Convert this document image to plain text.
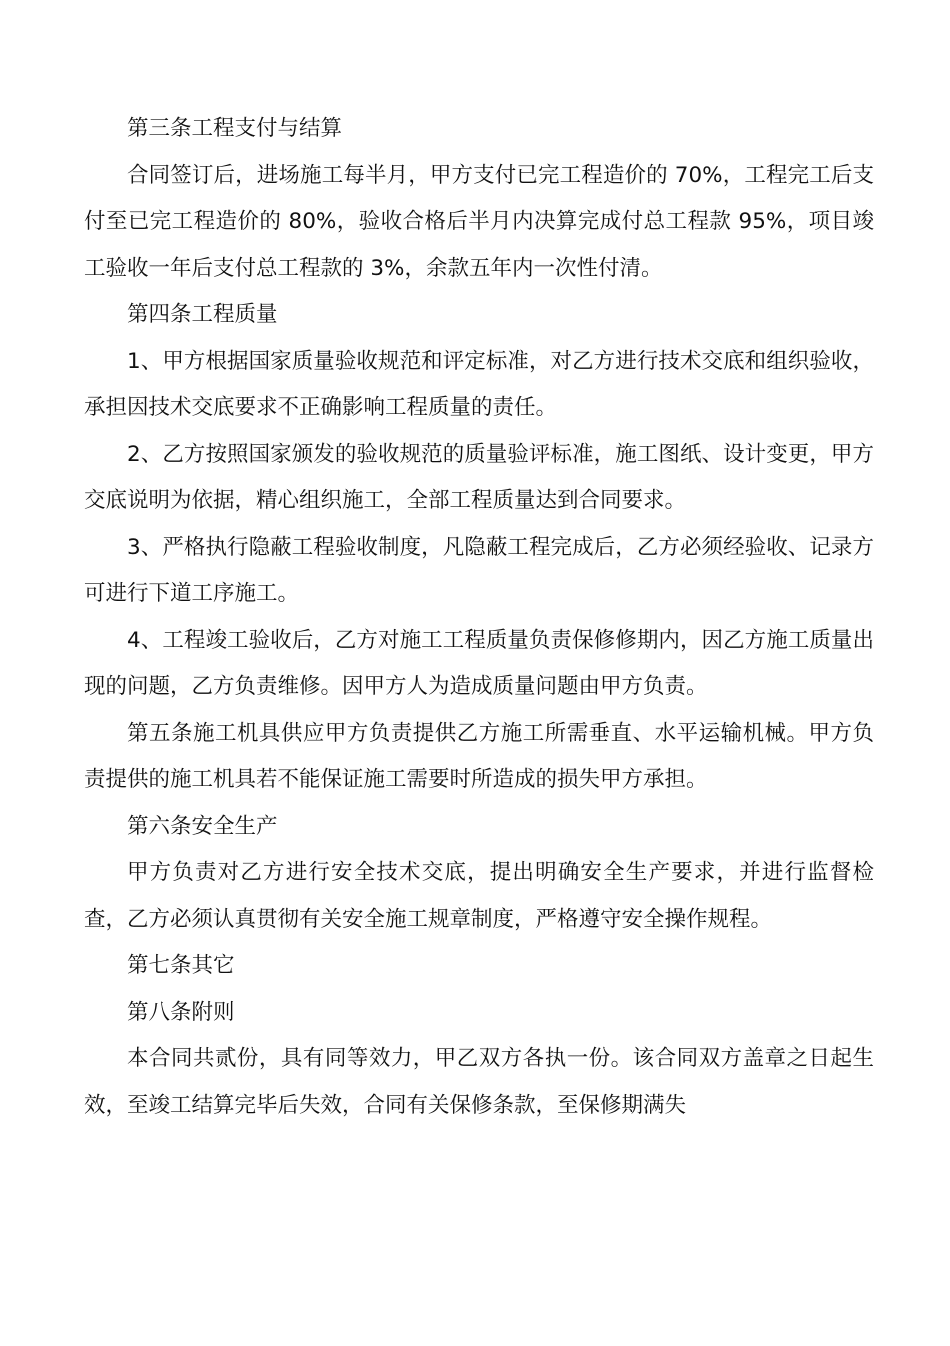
第三条工程支付与结算

合同签订后，进场施工每半月，甲方支付已完工程造价的 70%，工程完工后支付至已完工程造价的 80%，验收合格后半月内决算完成付总工程款 95%，项目竣工验收一年后支付总工程款的 3%，余款五年内一次性付清。

第四条工程质量

1、甲方根据国家质量验收规范和评定标准，对乙方进行技术交底和组织验收，承担因技术交底要求不正确影响工程质量的责任。

2、乙方按照国家颁发的验收规范的质量验评标准，施工图纸、设计变更，甲方交底说明为依据，精心组织施工，全部工程质量达到合同要求。

3、严格执行隐蔽工程验收制度，凡隐蔽工程完成后，乙方必须经验收、记录方可进行下道工序施工。

4、工程竣工验收后，乙方对施工工程质量负责保修修期内，因乙方施工质量出现的问题，乙方负责维修。因甲方人为造成质量问题由甲方负责。

第五条施工机具供应甲方负责提供乙方施工所需垂直、水平运输机械。甲方负责提供的施工机具若不能保证施工需要时所造成的损失甲方承担。

第六条安全生产

甲方负责对乙方进行安全技术交底，提出明确安全生产要求，并进行监督检查，乙方必须认真贯彻有关安全施工规章制度，严格遵守安全操作规程。

第七条其它

第八条附则

本合同共贰份，具有同等效力，甲乙双方各执一份。该合同双方盖章之日起生效，至竣工结算完毕后失效，合同有关保修条款，至保修期满失
